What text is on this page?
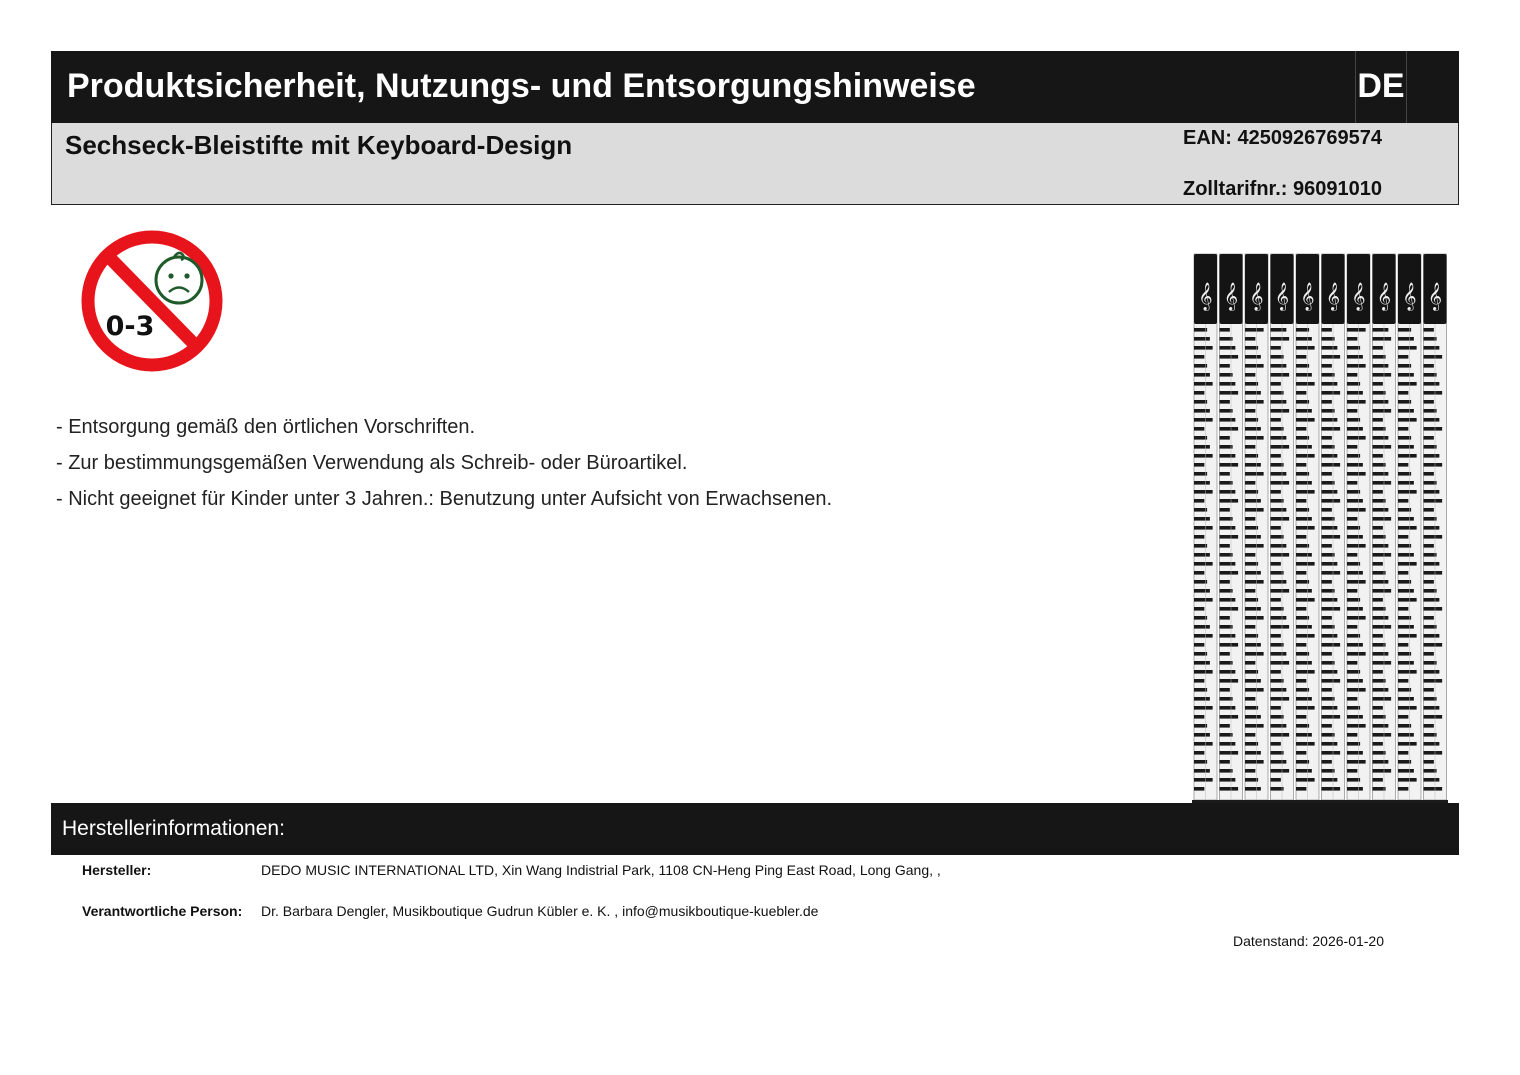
Produktsicherheit, Nutzungs- und Entsorgungshinweise	DE
Sechseck-Bleistifte mit Keyboard-Design	EAN: 4250926769574
Zolltarifnr.: 96091010
0-3
- Entsorgung gemäß den örtlichen Vorschriften.
- Zur bestimmungsgemäßen Verwendung als Schreib- oder Büroartikel.
- Nicht geeignet für Kinder unter 3 Jahren.: Benutzung unter Aufsicht von Erwachsenen.
𝄞 𝄞 𝄞 𝄞 𝄞 𝄞 𝄞 𝄞 𝄞 𝄞
Herstellerinformationen:
Hersteller:	DEDO MUSIC INTERNATIONAL LTD, Xin Wang Indistrial Park, 1108 CN-Heng Ping East Road, Long Gang, ,
Verantwortliche Person: Dr. Barbara Dengler, Musikboutique Gudrun Kübler e. K. , info@musikboutique-kuebler.de
Datenstand: 2026-01-20
